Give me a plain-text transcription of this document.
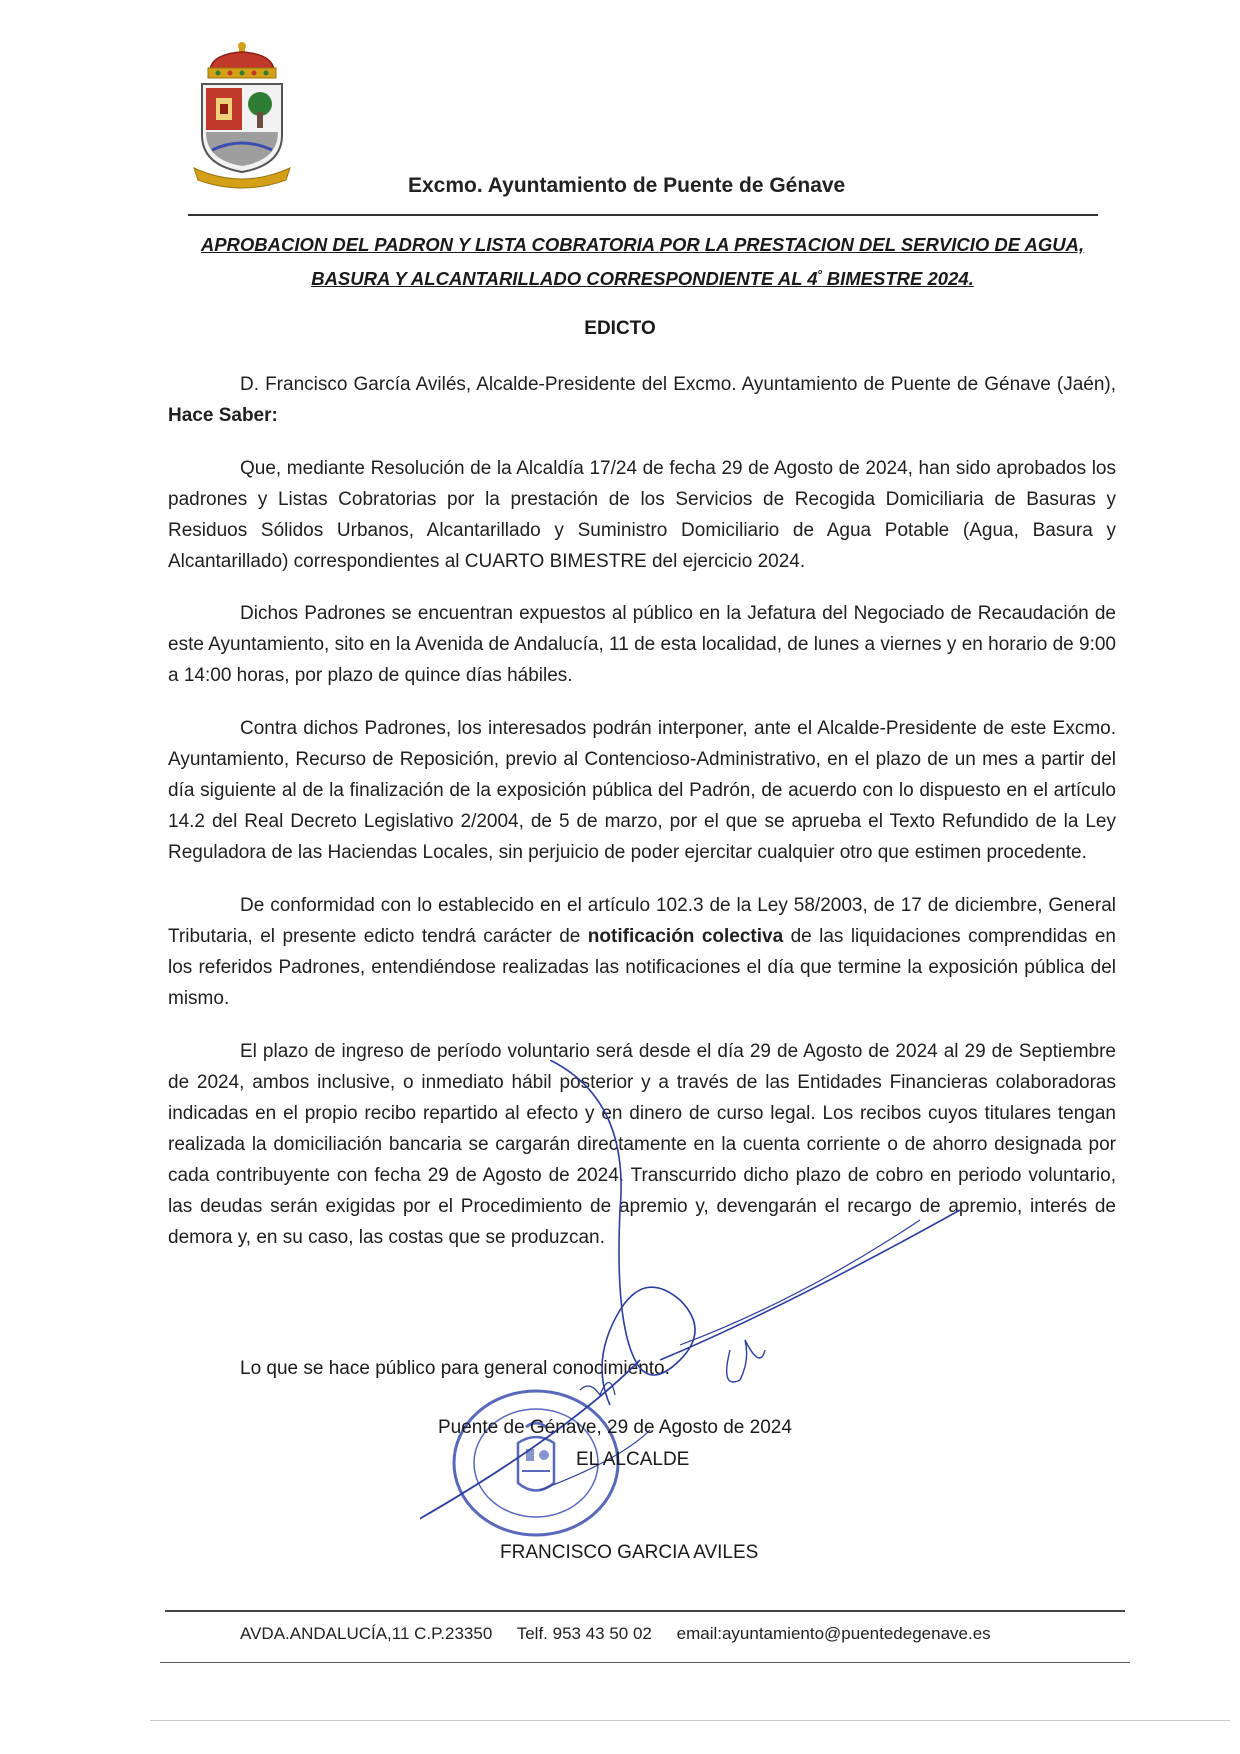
Excmo. Ayuntamiento de Puente de Génave
APROBACION DEL PADRON Y LISTA COBRATORIA POR LA PRESTACION DEL SERVICIO DE AGUA,
BASURA Y ALCANTARILLADO CORRESPONDIENTE AL $4^º$ BIMESTRE 2024.
EDICTO

D. Francisco García Avilés, Alcalde-Presidente del Excmo. Ayuntamiento de Puente de Génave (Jaén), Hace Saber:

Que, mediante Resolución de la Alcaldía 17/24 de fecha 29 de Agosto de 2024, han sido aprobados los padrones y Listas Cobratorias por la prestación de los Servicios de Recogida Domiciliaria de Basuras y Residuos Sólidos Urbanos, Alcantarillado y Suministro Domiciliario de Agua Potable (Agua, Basura y Alcantarillado) correspondientes al CUARTO BIMESTRE del ejercicio 2024.

Dichos Padrones se encuentran expuestos al público en la Jefatura del Negociado de Recaudación de este Ayuntamiento, sito en la Avenida de Andalucía, 11 de esta localidad, de lunes a viernes y en horario de 9:00 a 14:00 horas, por plazo de quince días hábiles.

Contra dichos Padrones, los interesados podrán interponer, ante el Alcalde-Presidente de este Excmo. Ayuntamiento, Recurso de Reposición, previo al Contencioso-Administrativo, en el plazo de un mes a partir del día siguiente al de la finalización de la exposición pública del Padrón, de acuerdo con lo dispuesto en el artículo 14.2 del Real Decreto Legislativo 2/2004, de 5 de marzo, por el que se aprueba el Texto Refundido de la Ley Reguladora de las Haciendas Locales, sin perjuicio de poder ejercitar cualquier otro que estimen procedente.

De conformidad con lo establecido en el artículo 102.3 de la Ley 58/2003, de 17 de diciembre, General Tributaria, el presente edicto tendrá carácter de notificación colectiva de las liquidaciones comprendidas en los referidos Padrones, entendiéndose realizadas las notificaciones el día que termine la exposición pública del mismo.

El plazo de ingreso de período voluntario será desde el día 29 de Agosto de 2024 al 29 de Septiembre de 2024, ambos inclusive, o inmediato hábil posterior y a través de las Entidades Financieras colaboradoras indicadas en el propio recibo repartido al efecto y en dinero de curso legal. Los recibos cuyos titulares tengan realizada la domiciliación bancaria se cargarán directamente en la cuenta corriente o de ahorro designada por cada contribuyente con fecha 29 de Agosto de 2024. Transcurrido dicho plazo de cobro en periodo voluntario, las deudas serán exigidas por el Procedimiento de apremio y, devengarán el recargo de apremio, interés de demora y, en su caso, las costas que se produzcan.

Lo que se hace público para general conocimiento.
Puente de Génave, 29 de Agosto de 2024
EL ALCALDE
FRANCISCO GARCIA AVILES
AVDA.ANDALUCÍA,11 C.P.23350 Telf. 953 43 50 02 email:ayuntamiento@puentedegenave.es
